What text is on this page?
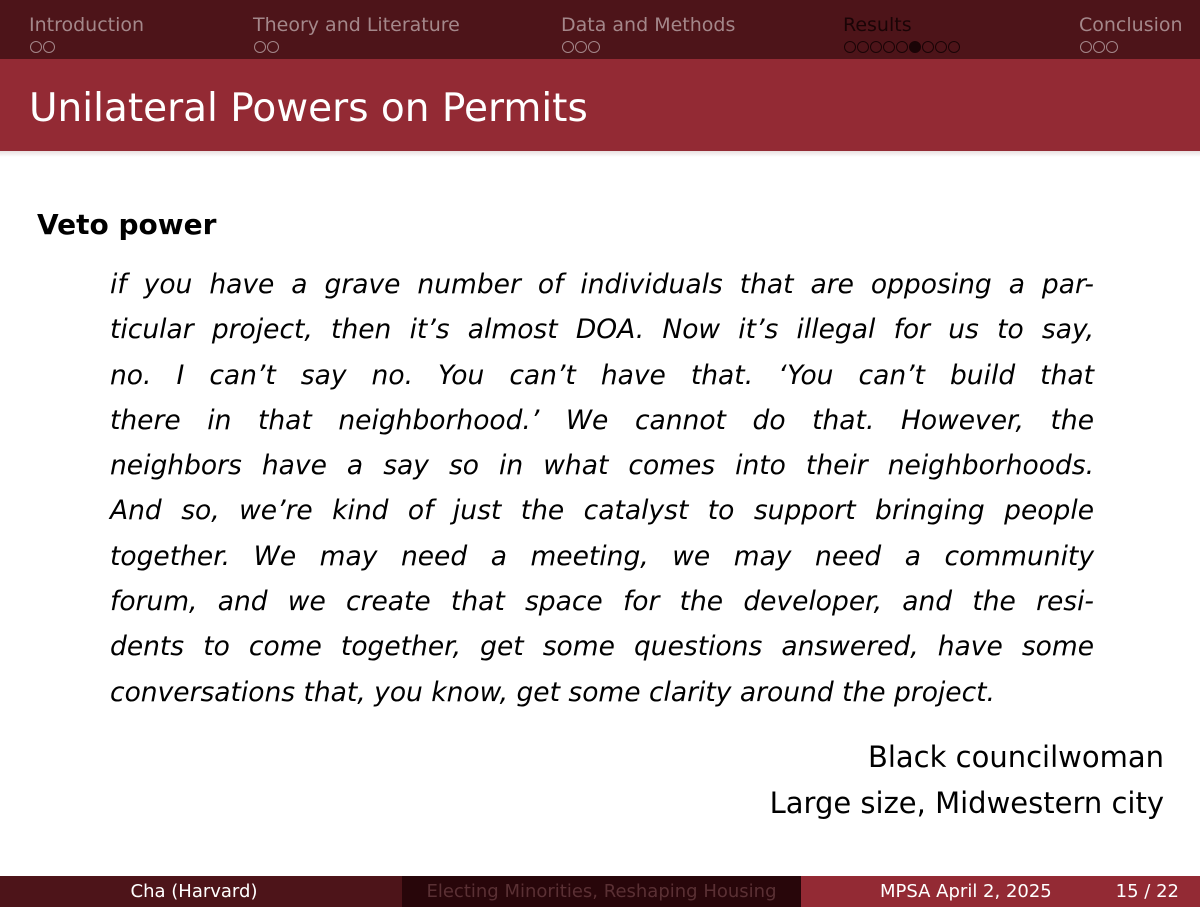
Introduction	Theory and Literature	Data and Methods	Results	Conclusion
Unilateral Powers on Permits
Veto power
if you have a grave number of individuals that are opposing a par-
ticular project, then it’s almost DOA. Now it’s illegal for us to say,
no. I can’t say no. You can’t have that. ‘You can’t build that
there in that neighborhood.’ We cannot do that. However, the
neighbors have a say so in what comes into their neighborhoods.
And so, we’re kind of just the catalyst to support bringing people
together. We may need a meeting, we may need a community
forum, and we create that space for the developer, and the resi-
dents to come together, get some questions answered, have some
conversations that, you know, get some clarity around the project.
Black councilwoman
Large size, Midwestern city
Cha (Harvard)	Electing Minorities, Reshaping Housing	MPSA April 2, 2025	15 / 22
